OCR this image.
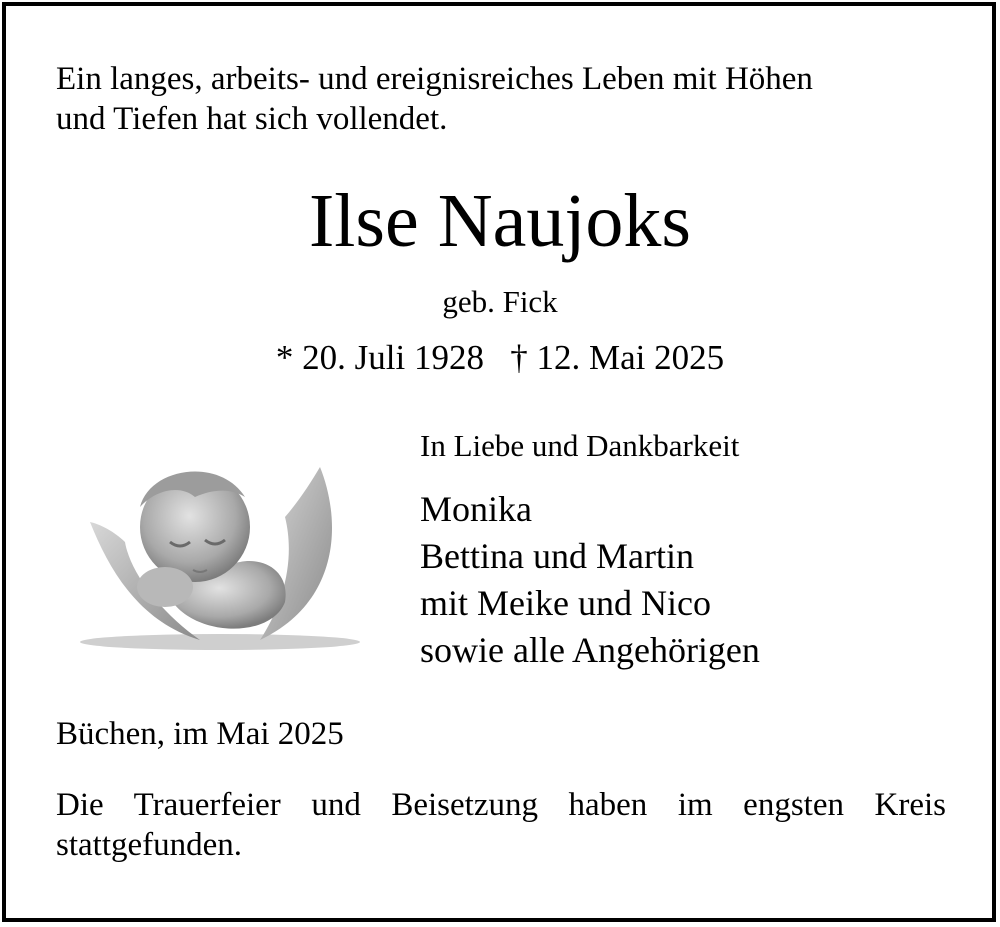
Ein langes, arbeits- und ereignisreiches Leben mit Höhen
und Tiefen hat sich vollendet.
Ilse Naujoks
geb. Fick
* 20. Juli 1928   † 12. Mai 2025
In Liebe und Dankbarkeit
Monika
Bettina und Martin
mit Meike und Nico
sowie alle Angehörigen
Büchen, im Mai 2025
Die Trauerfeier und Beisetzung haben im engsten Kreis stattgefunden.
